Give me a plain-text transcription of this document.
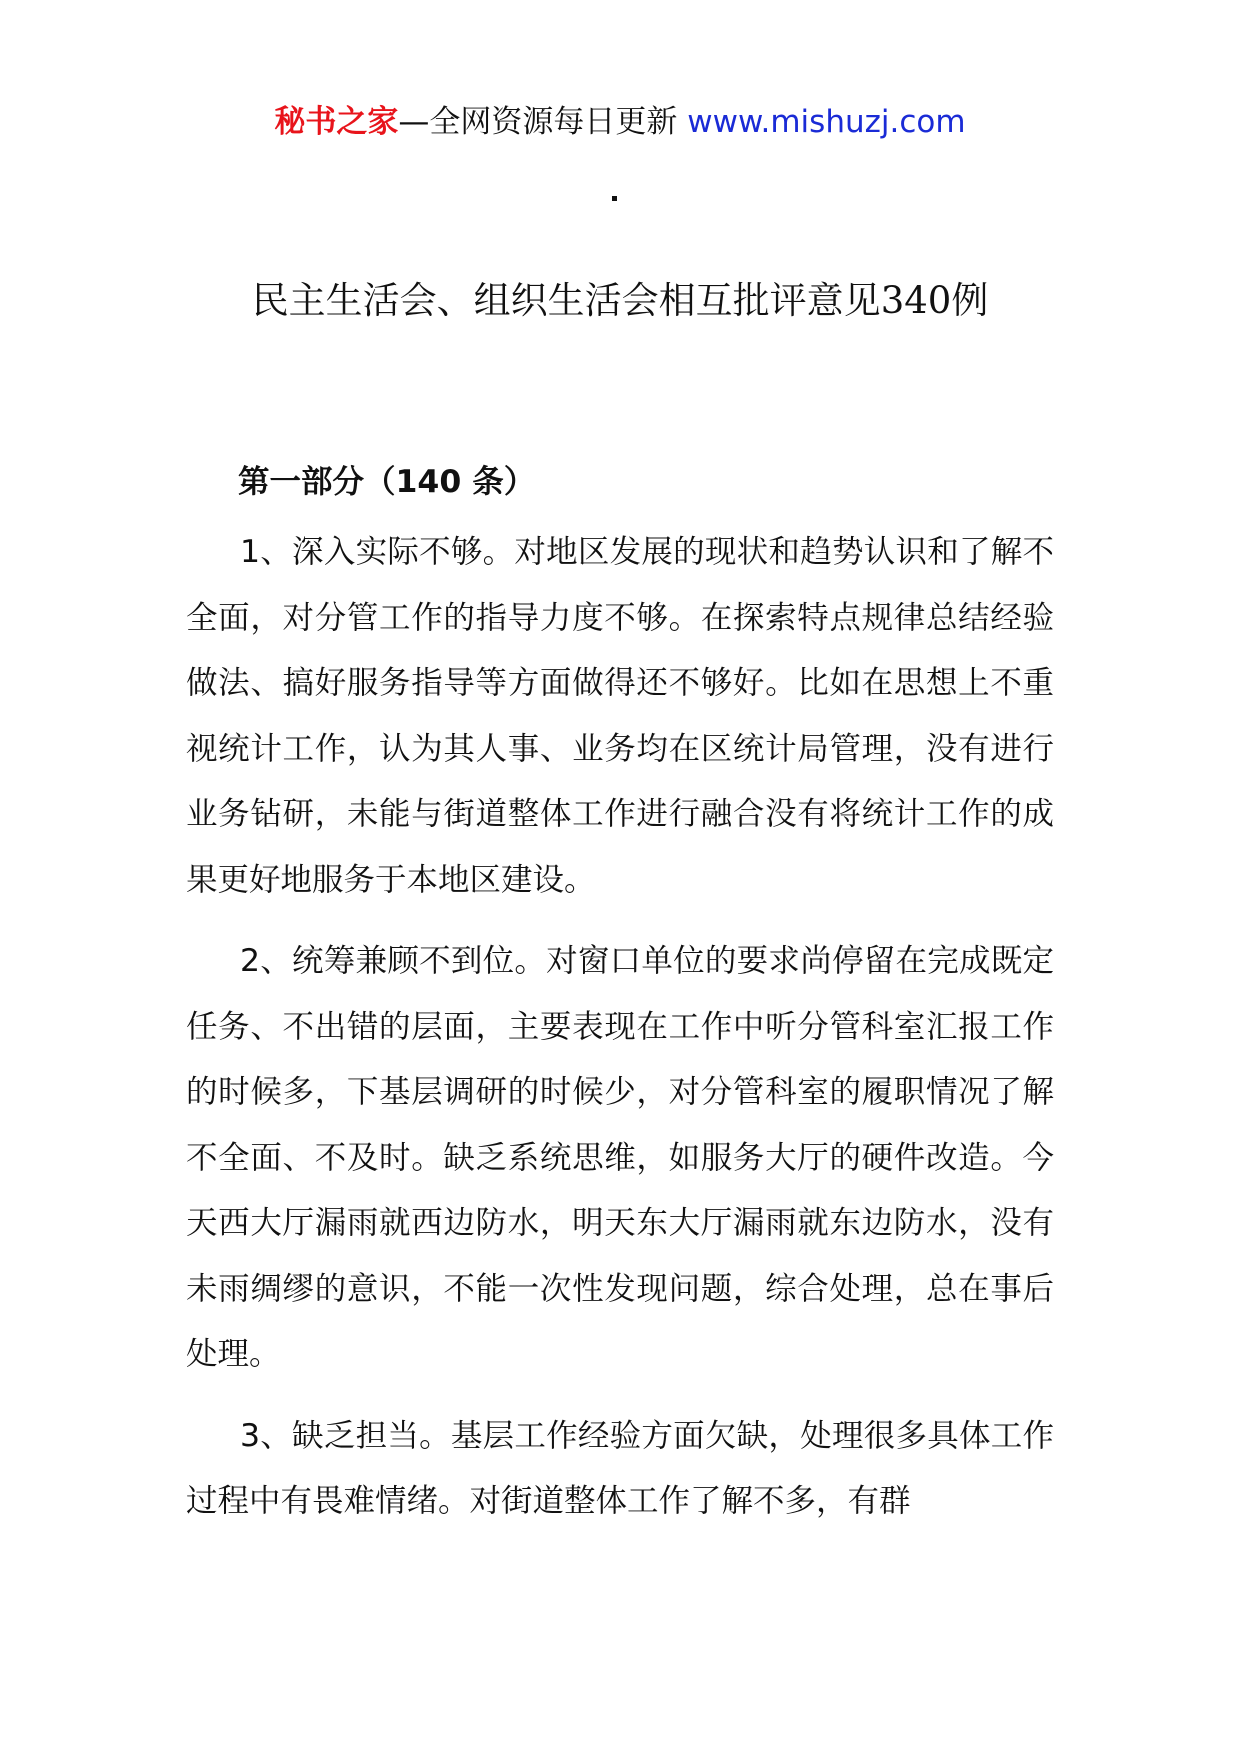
秘书之家—全网资源每日更新 www.mishuzj.com
民主生活会、组织生活会相互批评意见340例
第一部分（140 条）

1、深入实际不够。对地区发展的现状和趋势认识和了解不全面，对分管工作的指导力度不够。在探索特点规律总结经验做法、搞好服务指导等方面做得还不够好。比如在思想上不重视统计工作，认为其人事、业务均在区统计局管理，没有进行业务钻研，未能与街道整体工作进行融合没有将统计工作的成果更好地服务于本地区建设。

2、统筹兼顾不到位。对窗口单位的要求尚停留在完成既定任务、不出错的层面，主要表现在工作中听分管科室汇报工作的时候多，下基层调研的时候少，对分管科室的履职情况了解不全面、不及时。缺乏系统思维，如服务大厅的硬件改造。今天西大厅漏雨就西边防水，明天东大厅漏雨就东边防水，没有未雨绸缪的意识，不能一次性发现问题，综合处理，总在事后处理。

3、缺乏担当。基层工作经验方面欠缺，处理很多具体工作过程中有畏难情绪。对街道整体工作了解不多，有群
